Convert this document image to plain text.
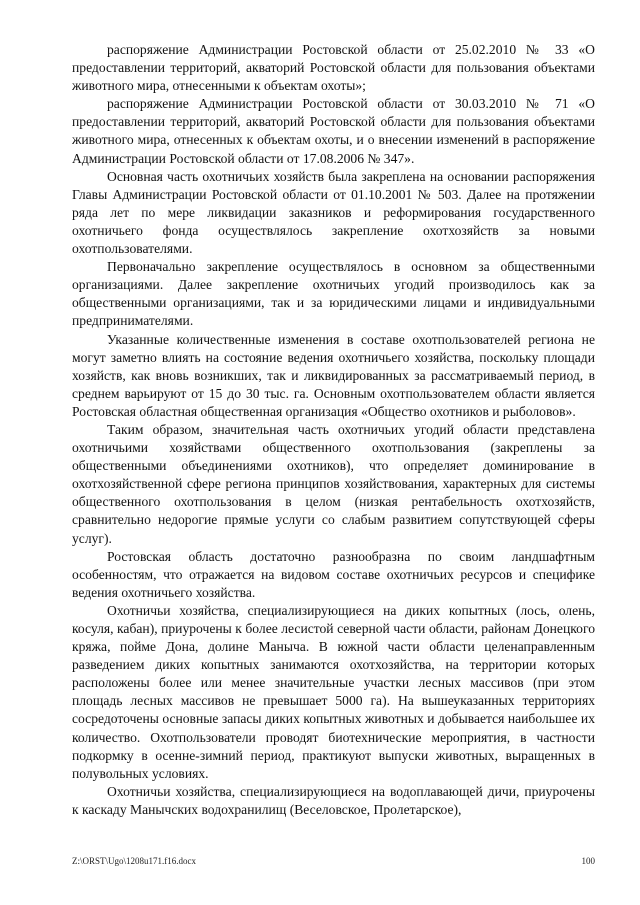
распоряжение Администрации Ростовской области от 25.02.2010 № 33 «О предоставлении территорий, акваторий Ростовской области для пользования объектами животного мира, отнесенными к объектам охоты»;

распоряжение Администрации Ростовской области от 30.03.2010 № 71 «О предоставлении территорий, акваторий Ростовской области для пользования объектами животного мира, отнесенных к объектам охоты, и о внесении изменений в распоряжение Администрации Ростовской области от 17.08.2006 № 347».

Основная часть охотничьих хозяйств была закреплена на основании распоряжения Главы Администрации Ростовской области от 01.10.2001 № 503. Далее на протяжении ряда лет по мере ликвидации заказников и реформирования государственного охотничьего фонда осуществлялось закрепление охотхозяйств за новыми охотпользователями.

Первоначально закрепление осуществлялось в основном за общественными организациями. Далее закрепление охотничьих угодий производилось как за общественными организациями, так и за юридическими лицами и индивидуальными предпринимателями.

Указанные количественные изменения в составе охотпользователей региона не могут заметно влиять на состояние ведения охотничьего хозяйства, поскольку площади хозяйств, как вновь возникших, так и ликвидированных за рассматриваемый период, в среднем варьируют от 15 до 30 тыс. га. Основным охотпользователем области является Ростовская областная общественная организация «Общество охотников и рыболовов».

Таким образом, значительная часть охотничьих угодий области представлена охотничьими хозяйствами общественного охотпользования (закреплены за общественными объединениями охотников), что определяет доминирование в охотхозяйственной сфере региона принципов хозяйствования, характерных для системы общественного охотпользования в целом (низкая рентабельность охотхозяйств, сравнительно недорогие прямые услуги со слабым развитием сопутствующей сферы услуг).

Ростовская область достаточно разнообразна по своим ландшафтным особенностям, что отражается на видовом составе охотничьих ресурсов и специфике ведения охотничьего хозяйства.

Охотничьи хозяйства, специализирующиеся на диких копытных (лось, олень, косуля, кабан), приурочены к более лесистой северной части области, районам Донецкого кряжа, пойме Дона, долине Маныча. В южной части области целенаправленным разведением диких копытных занимаются охотхозяйства, на территории которых расположены более или менее значительные участки лесных массивов (при этом площадь лесных массивов не превышает 5000 га). На вышеуказанных территориях сосредоточены основные запасы диких копытных животных и добывается наибольшее их количество. Охотпользователи проводят биотехнические мероприятия, в частности подкормку в осенне-зимний период, практикуют выпуски животных, выращенных в полувольных условиях.

Охотничьи хозяйства, специализирующиеся на водоплавающей дичи, приурочены к каскаду Манычских водохранилищ (Веселовское, Пролетарское),

Z:\ORST\Ugo\1208u171.f16.docx	100
